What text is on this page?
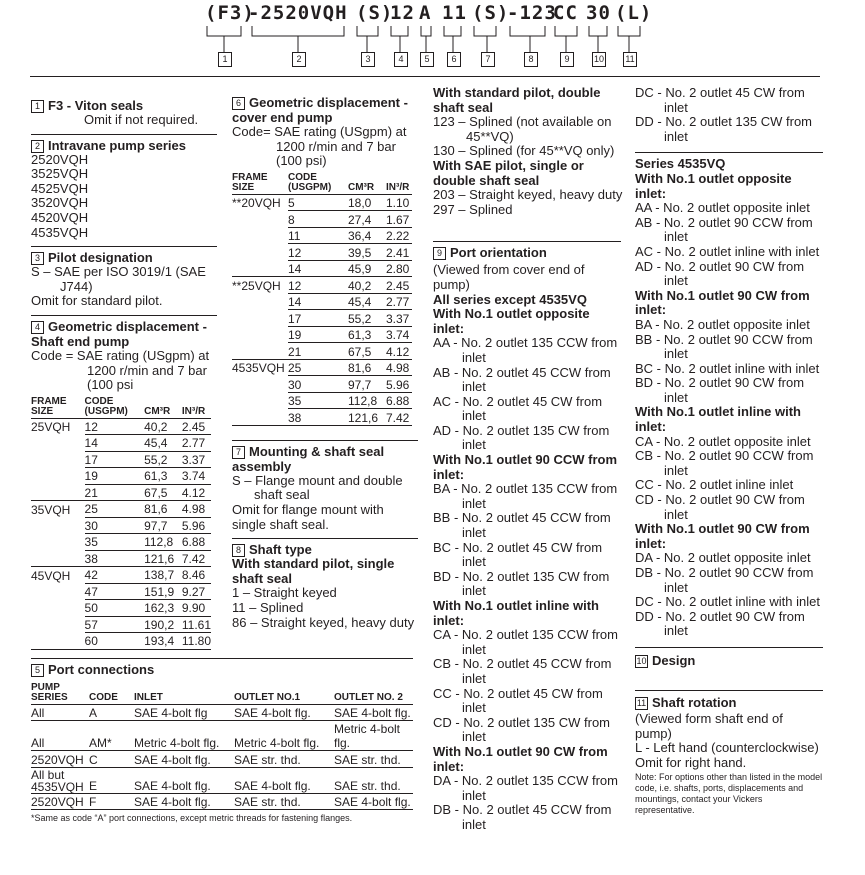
(F3)
-2520VQH (S)
12 A 11 (S)
-123
CC 30 (L)
1	2	3	4	5	6	7	8	9	10 11
1 F3 - Viton seals
Omit if not required.
2 Intravane pump series
2520VQH
3525VQH
4525VQH
3520VQH
4520VQH
4535VQH
3 Pilot designation
S – SAE per ISO 3019/1 (SAE J744)
Omit for standard pilot.
4 Geometric displacement - Shaft end pump
Code = SAE rating (USgpm) at 1200 r/min and 7 bar (100 psi
FRAME SIZE	CODE (USGPM)	CM³R	IN³/R
25VQH	12	40,2	2.45
	14	45,4	2.77
	17	55,2	3.37
	19	61,3	3.74
	21	67,5	4.12
35VQH	25	81,6	4.98
	30	97,7	5.96
	35	112,8	6.88
	38	121,6	7.42
45VQH	42	138,7	8.46
	47	151,9	9.27
	50	162,3	9.90
	57	190,2	11.61
	60	193,4	11.80
5 Port connections
PUMP SERIES	CODE	INLET	OUTLET NO.1	OUTLET NO. 2
All	A	SAE 4-bolt flg	SAE 4-bolt flg.	SAE 4-bolt flg.
All	AM*	Metric 4-bolt flg.	Metric 4-bolt flg.	Metric 4-bolt flg.
2520VQH	C	SAE 4-bolt flg.	SAE str. thd.	SAE str. thd.
All but 4535VQH	E	SAE 4-bolt flg.	SAE 4-bolt flg.	SAE str. thd.
2520VQH	F	SAE 4-bolt flg.	SAE str. thd.	SAE 4-bolt flg.
*Same as code “A” port connections, except metric threads for fastening flanges.
6 Geometric displacement - cover end pump
Code= SAE rating (USgpm) at 1200 r/min and 7 bar (100 psi)
FRAME SIZE	CODE (USGPM)	CM³R	IN³/R
**20VQH	5	18,0	1.10
	8	27,4	1.67
	11	36,4	2.22
	12	39,5	2.41
	14	45,9	2.80
**25VQH	12	40,2	2.45
	14	45,4	2.77
	17	55,2	3.37
	19	61,3	3.74
	21	67,5	4.12
4535VQH	25	81,6	4.98
	30	97,7	5.96
	35	112,8	6.88
	38	121,6	7.42
7 Mounting & shaft seal assembly
S – Flange mount and double shaft seal
Omit for flange mount with single shaft seal.
8 Shaft type
With standard pilot, single shaft seal
1 – Straight keyed
11 – Splined
86 – Straight keyed, heavy duty
With standard pilot, double shaft seal
123 – Splined (not available on 45**VQ)
130 – Splined (for 45**VQ only)
With SAE pilot, single or double shaft seal
203 – Straight keyed, heavy duty
297 – Splined
9 Port orientation
(Viewed from cover end of pump)
All series except 4535VQ
With No.1 outlet opposite inlet:
AA - No. 2 outlet 135 CCW from inlet
AB - No. 2 outlet 45 CCW from inlet
AC - No. 2 outlet 45 CW from inlet
AD - No. 2 outlet 135 CW from inlet
With No.1 outlet 90 CCW from inlet:
BA - No. 2 outlet 135 CCW from inlet
BB - No. 2 outlet 45 CCW from inlet
BC - No. 2 outlet 45 CW from inlet
BD - No. 2 outlet 135 CW from inlet
With No.1 outlet inline with inlet:
CA - No. 2 outlet 135 CCW from inlet
CB - No. 2 outlet 45 CCW from inlet
CC - No. 2 outlet 45 CW from inlet
CD - No. 2 outlet 135 CW from inlet
With No.1 outlet 90 CW from inlet:
DA - No. 2 outlet 135 CCW from inlet
DB - No. 2 outlet 45 CCW from inlet
DC - No. 2 outlet 45 CW from inlet
DD - No. 2 outlet 135 CW from inlet
Series 4535VQ
With No.1 outlet opposite inlet:
AA - No. 2 outlet opposite inlet
AB - No. 2 outlet 90 CCW from inlet
AC - No. 2 outlet inline with inlet
AD - No. 2 outlet 90 CW from inlet
With No.1 outlet 90 CW from inlet:
BA - No. 2 outlet opposite inlet
BB - No. 2 outlet 90 CCW from inlet
BC - No. 2 outlet inline with inlet
BD - No. 2 outlet 90 CW from inlet
With No.1 outlet inline with inlet:
CA - No. 2 outlet opposite inlet
CB - No. 2 outlet 90 CCW from inlet
CC - No. 2 outlet inline inlet
CD - No. 2 outlet 90 CW from inlet
With No.1 outlet 90 CW from inlet:
DA - No. 2 outlet opposite inlet
DB - No. 2 outlet 90 CCW from inlet
DC - No. 2 outlet inline with inlet
DD - No. 2 outlet 90 CW from inlet
10 Design
11 Shaft rotation
(Viewed form shaft end of pump)
L - Left hand (counterclockwise)
Omit for right hand.
Note: For options other than listed in the model code, i.e. shafts, ports, displacements and mountings, contact your Vickers representative.
